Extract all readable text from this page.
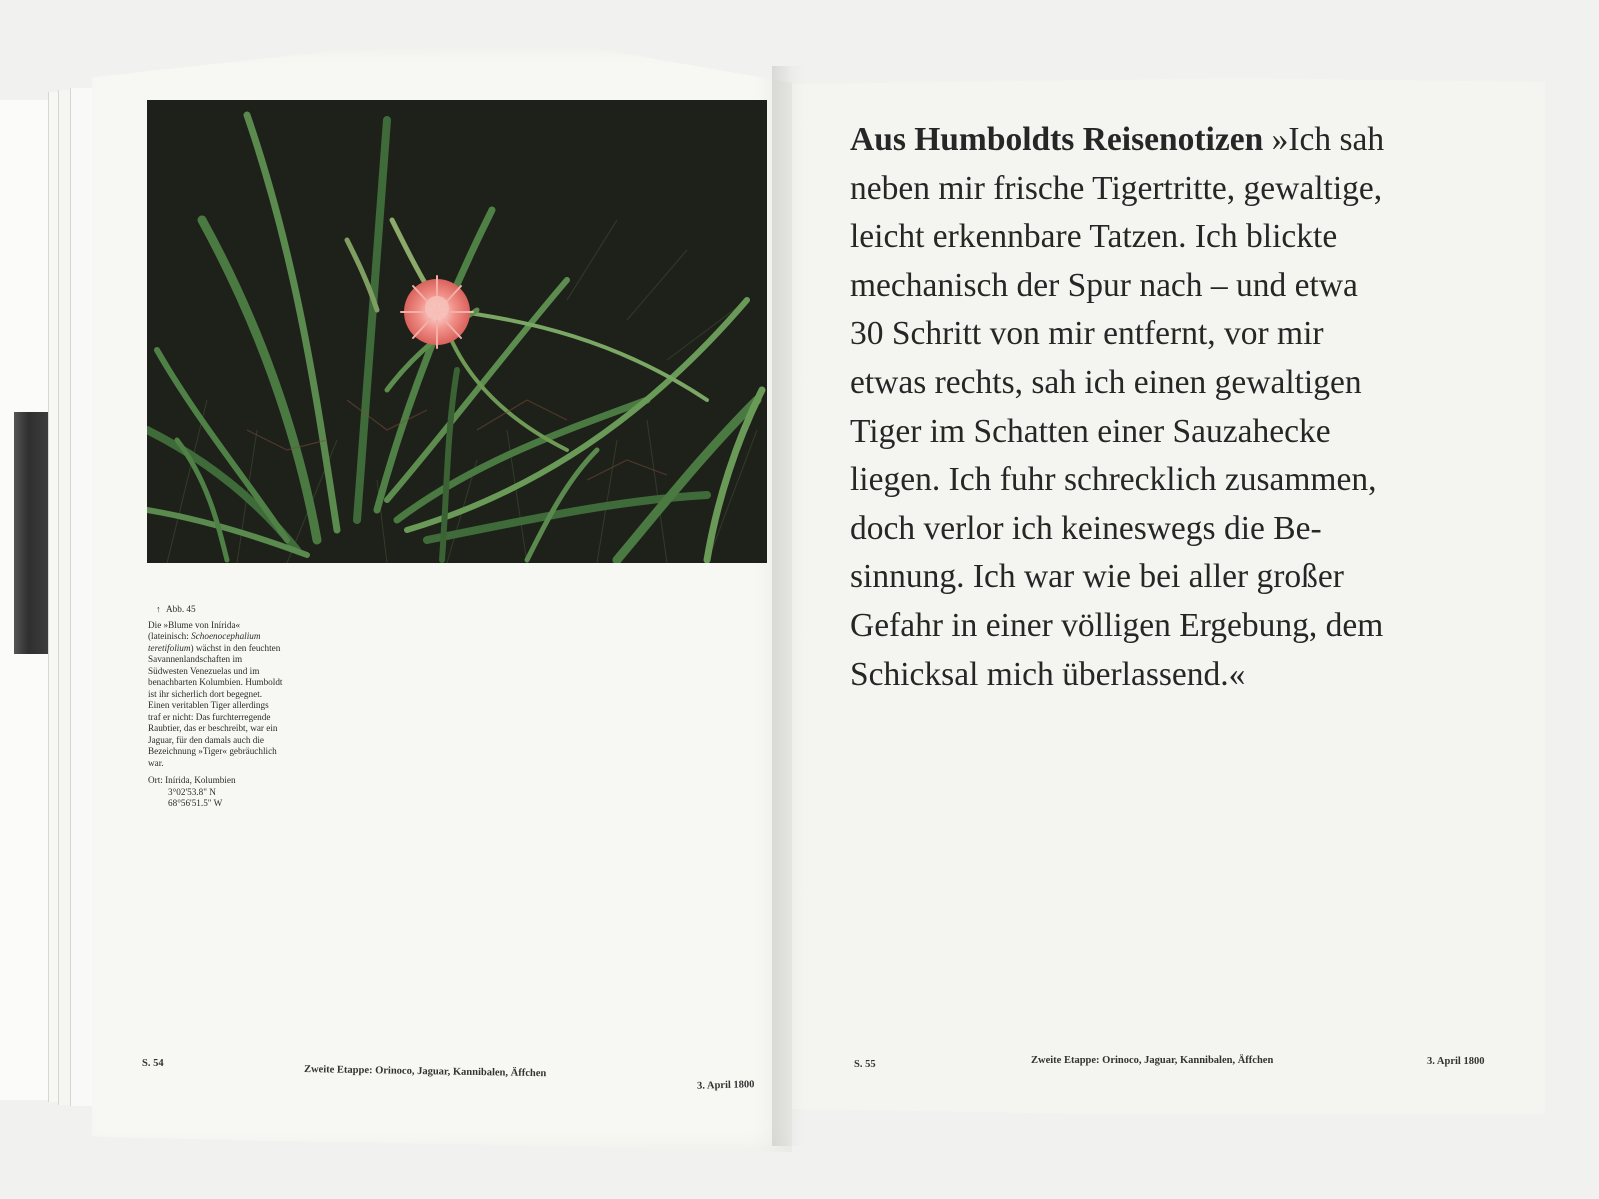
↑ Abb. 45
Die »Blume von Inírida« (lateinisch: Schoenocephalium teretifolium) wächst in den feuchten Savannenlandschaften im Südwesten Venezuelas und im benachbarten Kolumbien. Humboldt ist ihr sicherlich dort begegnet. Einen veritablen Tiger allerdings traf er nicht: Das furchterregende Raubtier, das er beschreibt, war ein Jaguar, für den damals auch die Bezeichnung »Tiger« gebräuchlich war.
Ort: Inírida, Kolumbien
3°02'53.8" N
68°56'51.5" W
S. 54
Zweite Etappe: Orinoco, Jaguar, Kannibalen, Äffchen
3. April 1800
S. 55	Zweite Etappe: Orinoco, Jaguar, Kannibalen, Äffchen	3. April 1800
Aus Humboldts Reisenotizen »Ich sah
neben mir frische Tigertritte, gewaltige,
leicht erkennbare Tatzen. Ich blickte
mechanisch der Spur nach – und etwa
30 Schritt von mir entfernt, vor mir
etwas rechts, sah ich einen gewaltigen
Tiger im Schatten einer Sauzahecke
liegen. Ich fuhr schrecklich zusammen,
doch verlor ich keineswegs die Be-
sinnung. Ich war wie bei aller großer
Gefahr in einer völligen Ergebung, dem
Schicksal mich überlassend.«
